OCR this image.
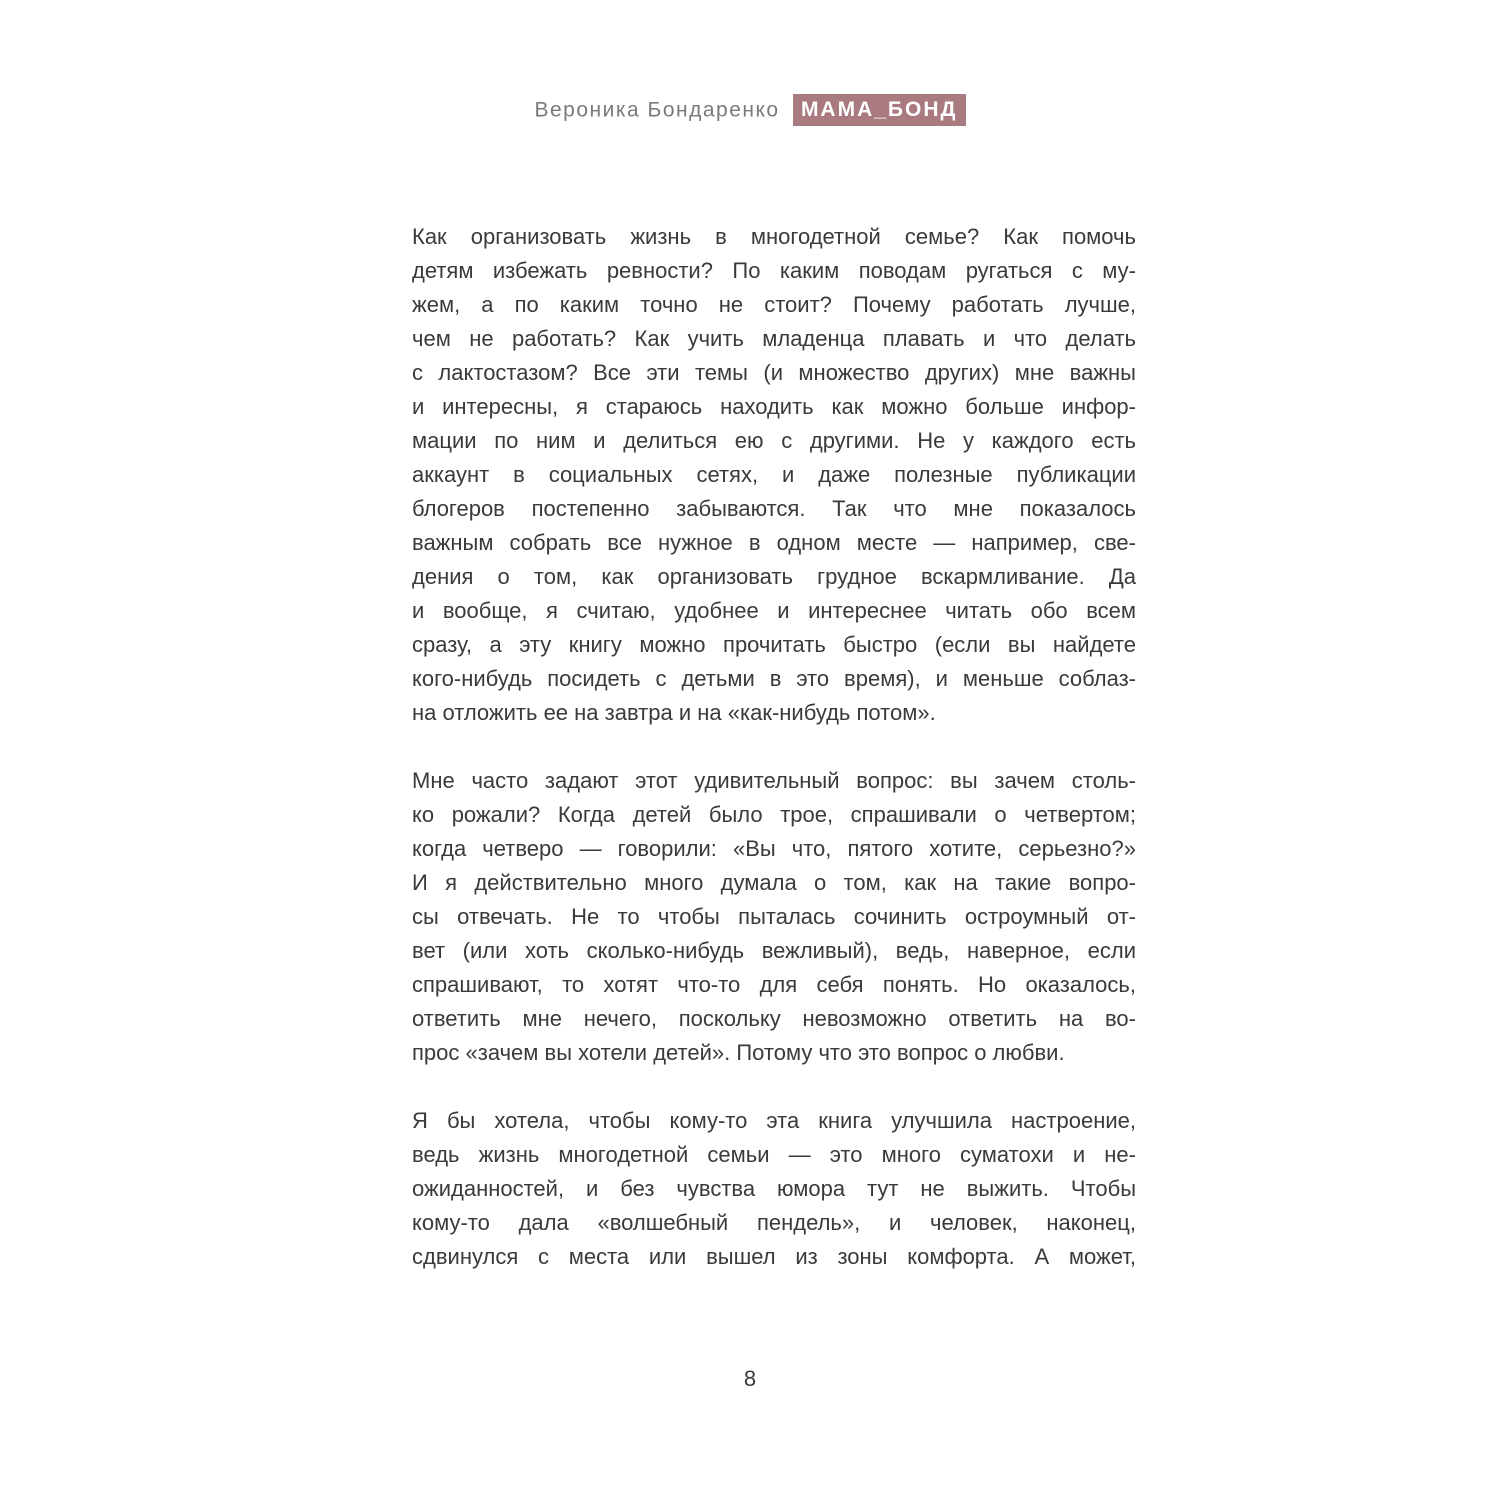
Вероника Бондаренко МАМА_БОНД
Как организовать жизнь в многодетной семье? Как помочь
детям избежать ревности? По каким поводам ругаться с му-
жем, а по каким точно не стоит? Почему работать лучше,
чем не работать? Как учить младенца плавать и что делать
с лактостазом? Все эти темы (и множество других) мне важны
и интересны, я стараюсь находить как можно больше инфор-
мации по ним и делиться ею с другими. Не у каждого есть
аккаунт в социальных сетях, и даже полезные публикации
блогеров постепенно забываются. Так что мне показалось
важным собрать все нужное в одном месте — например, све-
дения о том, как организовать грудное вскармливание. Да
и вообще, я считаю, удобнее и интереснее читать обо всем
сразу, а эту книгу можно прочитать быстро (если вы найдете
кого-нибудь посидеть с детьми в это время), и меньше соблаз-
на отложить ее на завтра и на «как-нибудь потом».
Мне часто задают этот удивительный вопрос: вы зачем столь-
ко рожали? Когда детей было трое, спрашивали о четвертом;
когда четверо — говорили: «Вы что, пятого хотите, серьезно?»
И я действительно много думала о том, как на такие вопро-
сы отвечать. Не то чтобы пыталась сочинить остроумный от-
вет (или хоть сколько-нибудь вежливый), ведь, наверное, если
спрашивают, то хотят что-то для себя понять. Но оказалось,
ответить мне нечего, поскольку невозможно ответить на во-
прос «зачем вы хотели детей». Потому что это вопрос о любви.
Я бы хотела, чтобы кому-то эта книга улучшила настроение,
ведь жизнь многодетной семьи — это много суматохи и не-
ожиданностей, и без чувства юмора тут не выжить. Чтобы
кому-то дала «волшебный пендель», и человек, наконец,
сдвинулся с места или вышел из зоны комфорта. А может,
8
